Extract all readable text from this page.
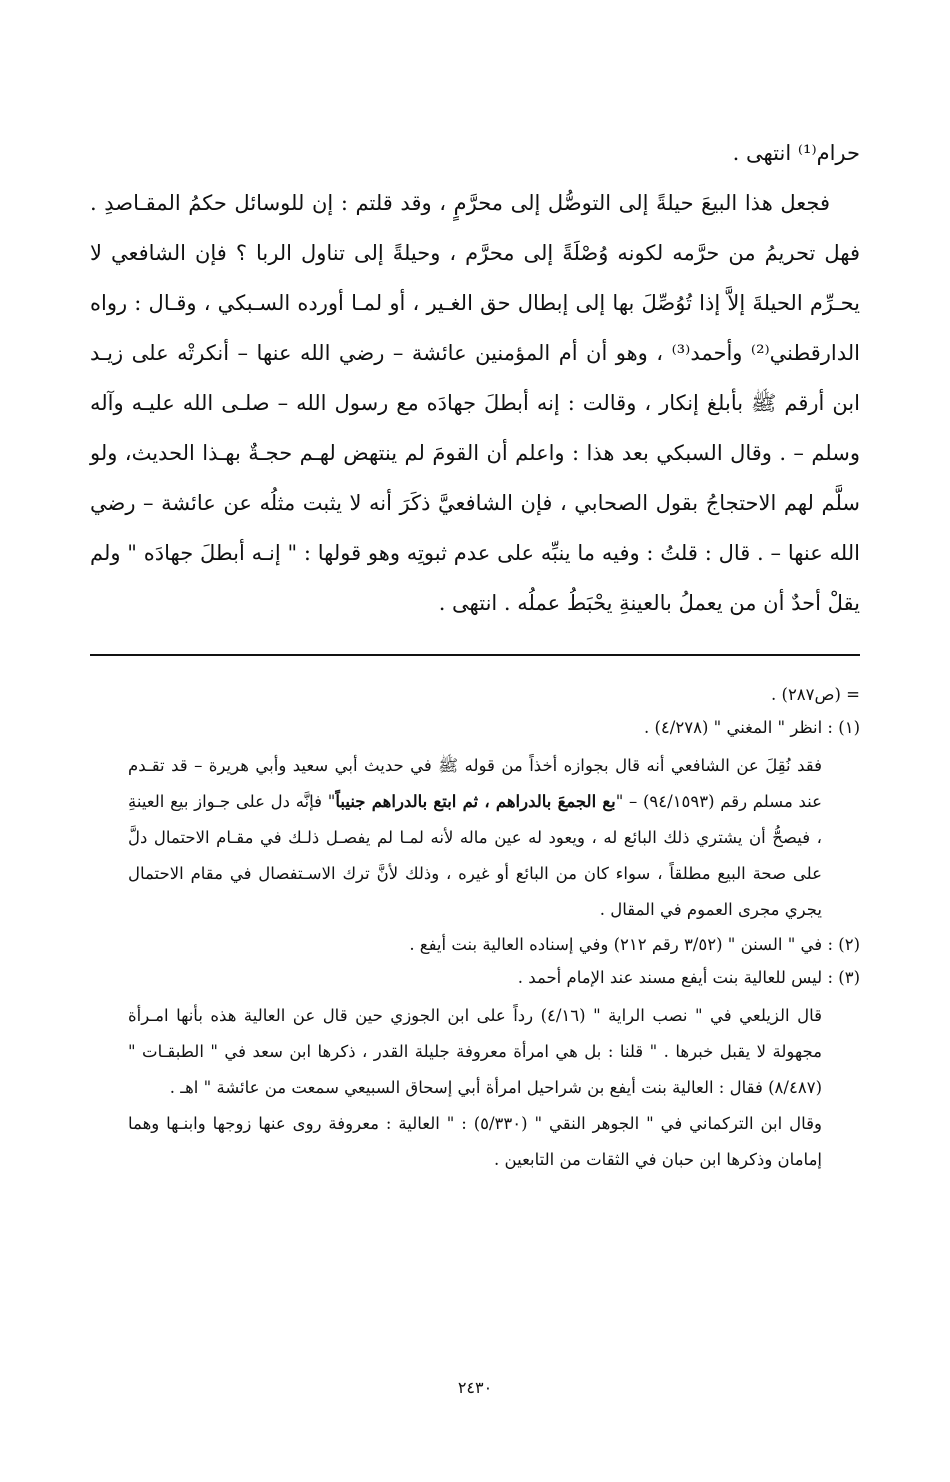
حرام⁽¹⁾ انتهى .

فجعل هذا البيعَ حيلةً إلى التوصُّل إلى محرَّمٍ ، وقد قلتم : إن للوسائل حكمُ المقـاصدِ . فهل تحريمُ من حرَّمه لكونه وُصْلَةً إلى محرَّم ، وحيلةً إلى تناول الربا ؟ فإن الشافعي لا يحـرِّم الحيلةَ إلاَّ إذا تُوُصِّلَ بها إلى إبطال حق الغـير ، أو لمـا أورده السـبكي ، وقـال : رواه الدارقطني⁽²⁾ وأحمد⁽³⁾ ، وهو أن أم المؤمنين عائشة – رضي الله عنها – أنكرتْه على زيـد ابن أرقم ﷺ بأبلغ إنكار ، وقالت : إنه أبطلَ جهادَه مع رسول الله – صلـى الله عليـه وآله وسلم – . وقال السبكي بعد هذا : واعلم أن القومَ لم ينتهض لهـم حجـةٌ بهـذا الحديث، ولو سلَّم لهم الاحتجاجُ بقول الصحابي ، فإن الشافعيَّ ذكَرَ أنه لا يثبت مثلُه عن عائشة – رضي الله عنها – . قال : قلتُ : وفيه ما ينبِّه على عدم ثبوتِه وهو قولها : " إنـه أبطلَ جهادَه " ولم يقلْ أحدٌ أن من يعملُ بالعينةِ يحْبَطُ عملُه . انتهى .

= (ص٢٨٧) .

(١) : انظر " المغني " (٤/٢٧٨) .

فقد نُقِلَ عن الشافعي أنه قال بجوازه أخذاً من قوله ﷺ في حديث أبي سعيد وأبي هريرة – قد تقـدم عند مسلم رقم (٩٤/١٥٩٣) – "بع الجمعَ بالدراهم ، ثم ابتع بالدراهم جنيباً" فإنَّه دل على جـواز بيع العينةِ ، فيصحُّ أن يشتري ذلك البائع له ، ويعود له عين ماله لأنه لمـا لم يفصـل ذلـك في مقـام الاحتمال دلَّ على صحة البيع مطلقاً ، سواء كان من البائع أو غيره ، وذلك لأنَّ ترك الاسـتفصال في مقام الاحتمال يجري مجرى العموم في المقال .

(٢) : في " السنن " (٣/٥٢ رقم ٢١٢) وفي إسناده العالية بنت أيفع .

(٣) : ليس للعالية بنت أيفع مسند عند الإمام أحمد .

قال الزيلعي في " نصب الراية " (٤/١٦) رداً على ابن الجوزي حين قال عن العالية هذه بأنها امـرأة مجهولة لا يقبل خبرها . " قلنا : بل هي امرأة معروفة جليلة القدر ، ذكرها ابن سعد في " الطبقـات " (٨/٤٨٧) فقال : العالية بنت أيفع بن شراحيل امرأة أبي إسحاق السبيعي سمعت من عائشة " اهـ .

وقال ابن التركماني في " الجوهر النقي " (٥/٣٣٠) : " العالية : معروفة روى عنها زوجها وابنـها وهما إمامان وذكرها ابن حبان في الثقات من التابعين .

٢٤٣٠
